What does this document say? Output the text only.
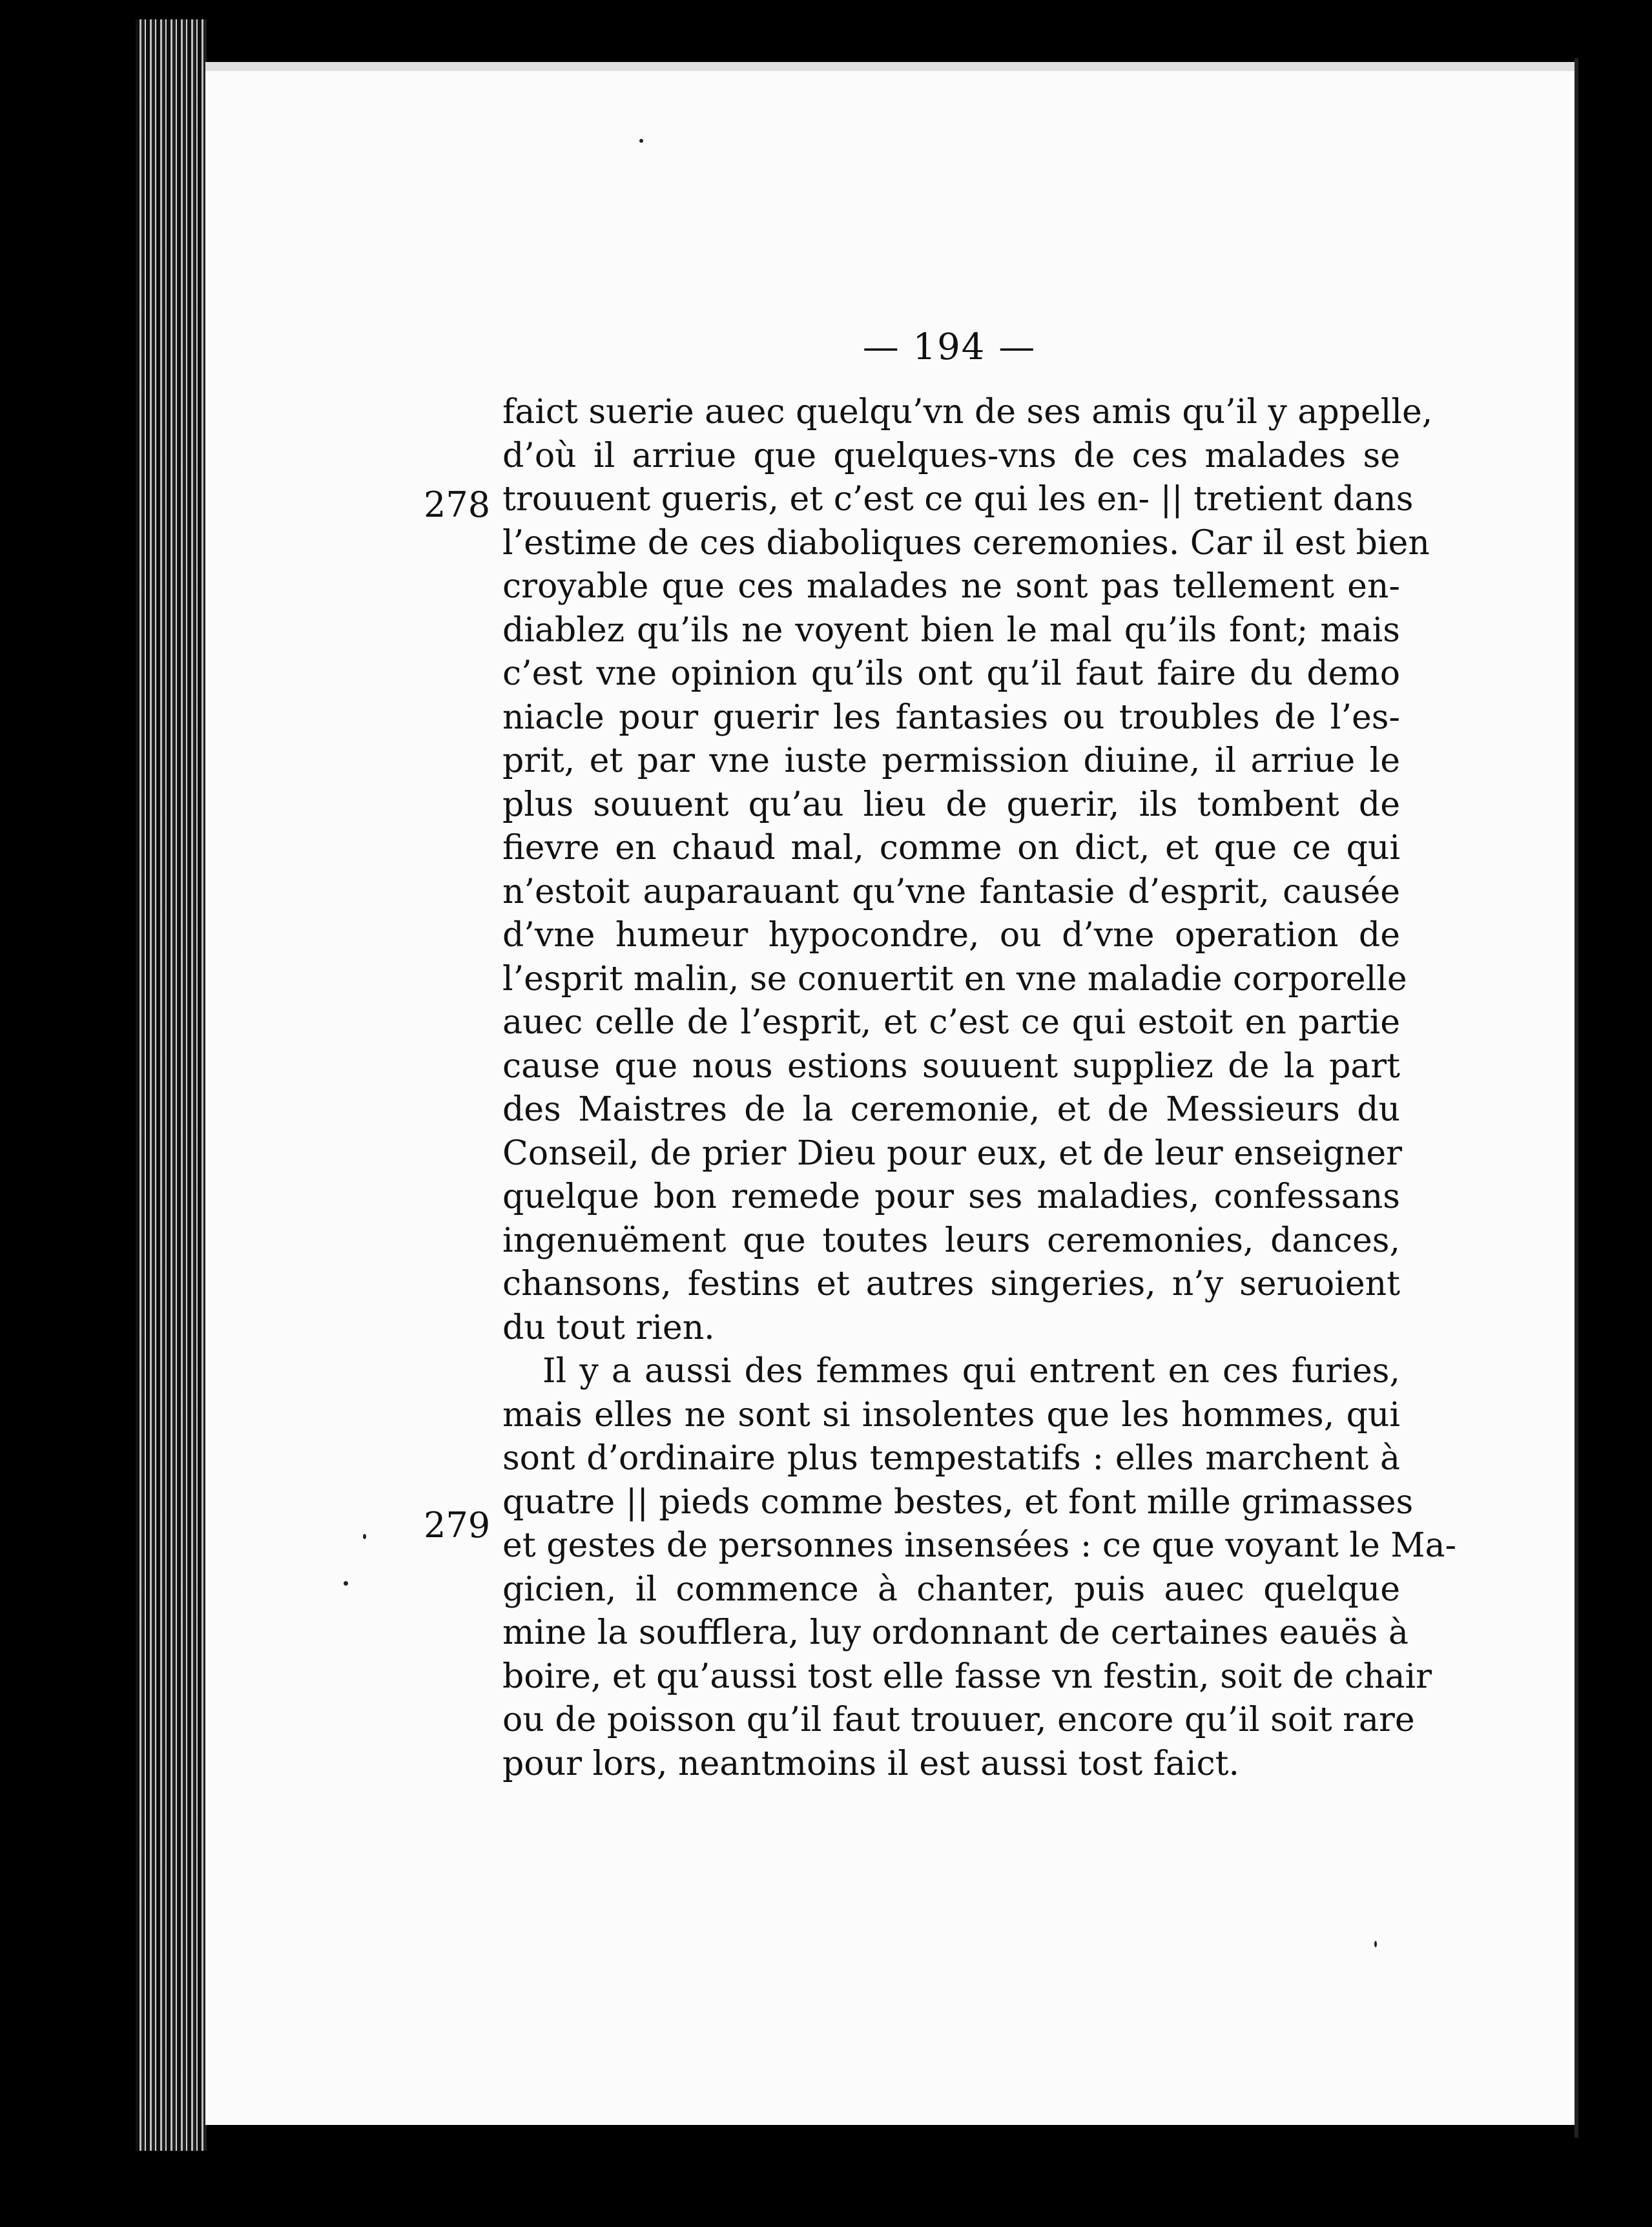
— 194 —
278
279
faict suerie auec quelqu’vn de ses amis qu’il y appelle,
d’où il arriue que quelques-vns de ces malades se
trouuent gueris, et c’est ce qui les en- || tretient dans
l’estime de ces diaboliques ceremonies. Car il est bien
croyable que ces malades ne sont pas tellement en-
diablez qu’ils ne voyent bien le mal qu’ils font; mais
c’est vne opinion qu’ils ont qu’il faut faire du demo
niacle pour guerir les fantasies ou troubles de l’es-
prit, et par vne iuste permission diuine, il arriue le
plus souuent qu’au lieu de guerir, ils tombent de
fievre en chaud mal, comme on dict, et que ce qui
n’estoit auparauant qu’vne fantasie d’esprit, causée
d’vne humeur hypocondre, ou d’vne operation de
l’esprit malin, se conuertit en vne maladie corporelle
auec celle de l’esprit, et c’est ce qui estoit en partie
cause que nous estions souuent suppliez de la part
des Maistres de la ceremonie, et de Messieurs du
Conseil, de prier Dieu pour eux, et de leur enseigner
quelque bon remede pour ses maladies, confessans
ingenuëment que toutes leurs ceremonies, dances,
chansons, festins et autres singeries, n’y seruoient
du tout rien.
Il y a aussi des femmes qui entrent en ces furies,
mais elles ne sont si insolentes que les hommes, qui
sont d’ordinaire plus tempestatifs : elles marchent à
quatre || pieds comme bestes, et font mille grimasses
et gestes de personnes insensées : ce que voyant le Ma-
gicien, il commence à chanter, puis auec quelque
mine la soufflera, luy ordonnant de certaines eauës à
boire, et qu’aussi tost elle fasse vn festin, soit de chair
ou de poisson qu’il faut trouuer, encore qu’il soit rare
pour lors, neantmoins il est aussi tost faict.
